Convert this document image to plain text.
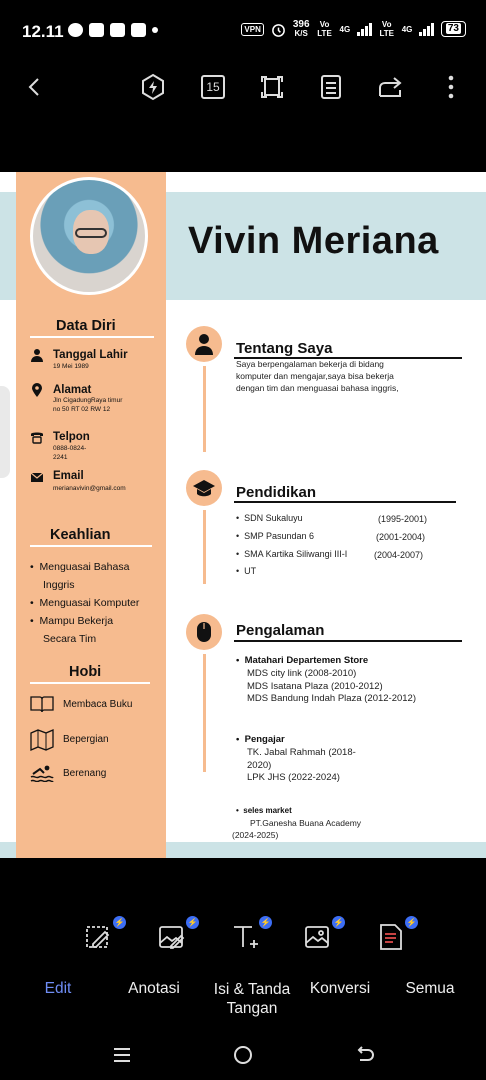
12.11	VPN	396
K/S
Vo LTE 4G	Vo LTE 4G	73
15
Vivin Meriana
Data Diri
Tanggal Lahir
19 Mei 1989
Alamat
Jln CigadungRaya timur
no 50 RT 02 RW 12
Telpon
0888-0824-
2241
Email
merianavivin@gmail.com
Keahlian
•  Menguasai Bahasa
Inggris
•  Menguasai Komputer
•  Mampu Bekerja
Secara Tim
Hobi
Membaca Buku
Bepergian
Berenang
Tentang Saya
Saya berpengalaman bekerja di bidang
komputer dan mengajar,saya bisa bekerja
dengan tim dan menguasai bahasa inggris,
Pendidikan
•  SDN Sukaluyu	(1995-2001)
•  SMP Pasundan 6	(2001-2004)
•  SMA Kartika Siliwangi III-I	(2004-2007)
•  UT
Pengalaman
•  Matahari Departemen Store
MDS city link (2008-2010)
MDS Isatana Plaza (2010-2012)
MDS Bandung Indah Plaza (2012-2012)
•  Pengajar
TK. Jabal Rahmah (2018-
2020)
LPK JHS (2022-2024)
•  seles market
PT.Ganesha Buana Academy
(2024-2025)
⚡	⚡	⚡	⚡	⚡
Edit	Anotasi	Isi & Tanda
Tangan
Konversi	Semua
